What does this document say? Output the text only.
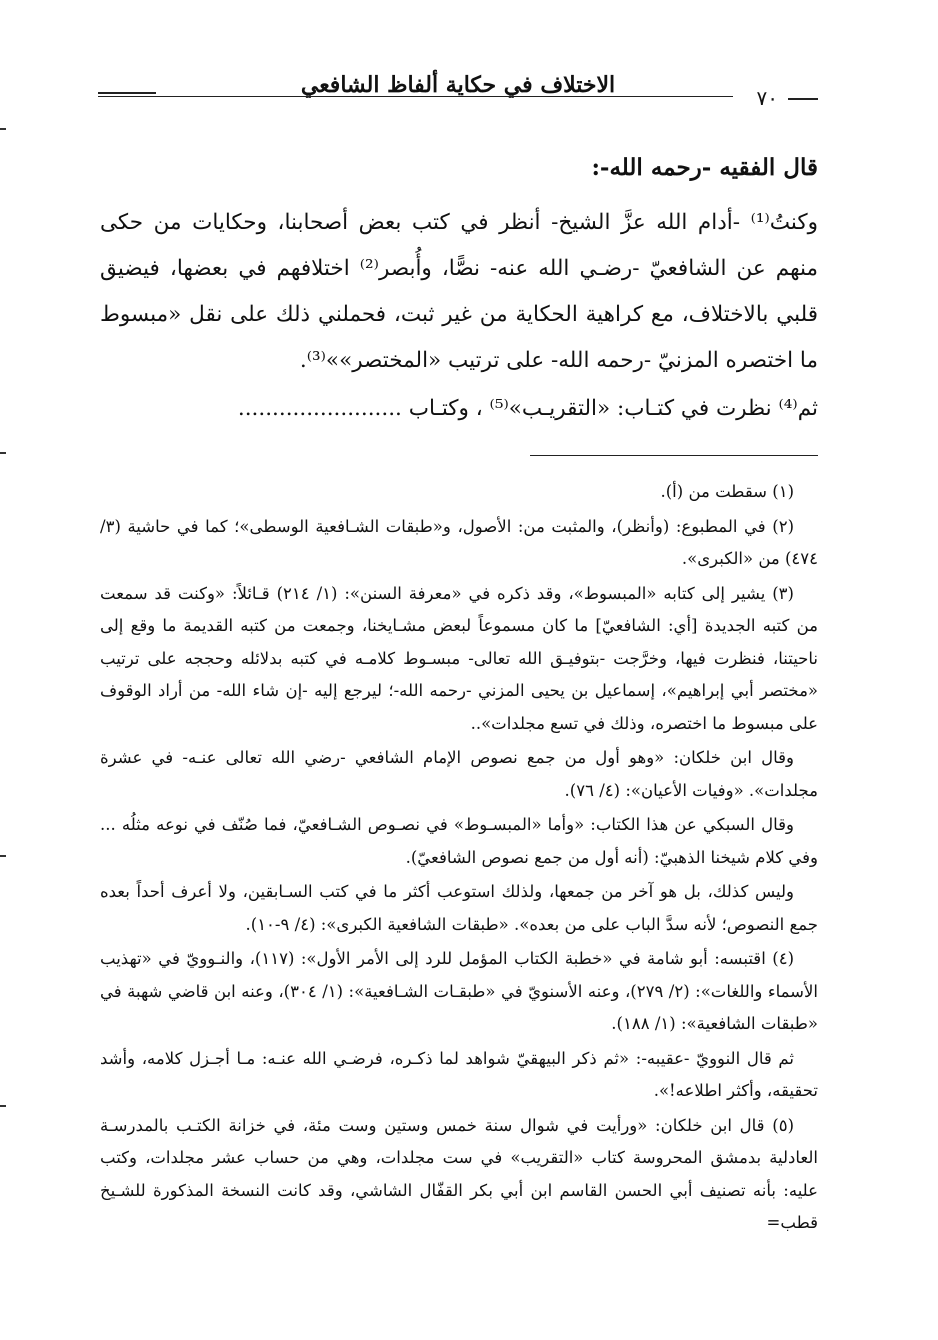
الاختلاف في حكاية ألفاظ الشافعي	٧٠

قال الفقيه -رحمه الله-:

وكنتُ⁽¹⁾ -أدام الله عزَّ الشيخ- أنظر في كتب بعض أصحابنا، وحكايات من حكى منهم عن الشافعيّ -رضـي الله عنه- نصًّا، وأُبصر⁽²⁾ اختلافهم في بعضها، فيضيق قلبي بالاختلاف، مع كراهية الحكاية من غير ثبت، فحملني ذلك على نقل «مبسوط ما اختصره المزنيّ -رحمه الله- على ترتيب «المختصر»»⁽³⁾.

ثم⁽⁴⁾ نظرت في كتـاب: «التقريـب»⁽⁵⁾ ، وكتـاب ........................

(١) سقطت من (أ).

(٢) في المطبوع: (وأنظر)، والمثبت من: الأصول، و«طبقات الشـافعية الوسطى»؛ كما في حاشية (٣/ ٤٧٤) من «الكبرى».

(٣) يشير إلى كتابه «المبسوط»، وقد ذكره في «معرفة السنن»: (١/ ٢١٤) قـائلاً: «وكنت قد سمعت من كتبه الجديدة [أي: الشافعيّ] ما كان مسموعاً لبعض مشـايخنا، وجمعت من كتبه القديمة ما وقع إلى ناحيتنا، فنظرت فيها، وخرَّجت -بتوفيـق الله تعالى- مبسـوط كلامـه في كتبه بدلائله وحججه على ترتيب «مختصر أبي إبراهيم»، إسماعيل بن يحيى المزني -رحمه الله-؛ ليرجع إليه -إن شاء الله- من أراد الوقوف على مبسوط ما اختصره، وذلك في تسع مجلدات»..

وقال ابن خلكان: «وهو أول من جمع نصوص الإمام الشافعي -رضي الله تعالى عنـه- في عشرة مجلدات». «وفيات الأعيان»: (٤/ ٧٦).

وقال السبكي عن هذا الكتاب: «وأما «المبسـوط» في نصـوص الشـافعيّ، فما صُنّف في نوعه مثلُه ... وفي كلام شيخنا الذهبيّ: (أنه أول من جمع نصوص الشافعيّ).

وليس كذلك، بل هو آخر من جمعها، ولذلك استوعب أكثر ما في كتب السـابقين، ولا أعرف أحداً بعده جمع النصوص؛ لأنه سدَّ الباب على من بعده». «طبقات الشافعية الكبرى»: (٤/ ٩-١٠).

(٤) اقتبسه: أبو شامة في «خطبة الكتاب المؤمل للرد إلى الأمر الأول»: (١١٧)، والنـوويّ في «تهذيب الأسماء واللغات»: (٢/ ٢٧٩)، وعنه الأسنويّ في «طبقـات الشـافعية»: (١/ ٣٠٤)، وعنه ابن قاضي شهبة في «طبقات الشافعية»: (١/ ١٨٨).

ثم قال النوويّ -عقيبه-: «ثم ذكر البيهقيّ شواهد لما ذكـره، فرضـي الله عنـه: مـا أجـزل كلامه، وأشد تحقيقه، وأكثر اطلاعه!».

(٥) قال ابن خلكان: «ورأيت في شوال سنة خمس وستين وست مئة، في خزانة الكتـب بالمدرسـة العادلية بدمشق المحروسة كتاب «التقريب» في ست مجلدات، وهي من حساب عشر مجلدات، وكتب عليه: بأنه تصنيف أبي الحسن القاسم ابن أبي بكر القفّال الشاشي، وقد كانت النسخة المذكورة للشـيخ قطب=
